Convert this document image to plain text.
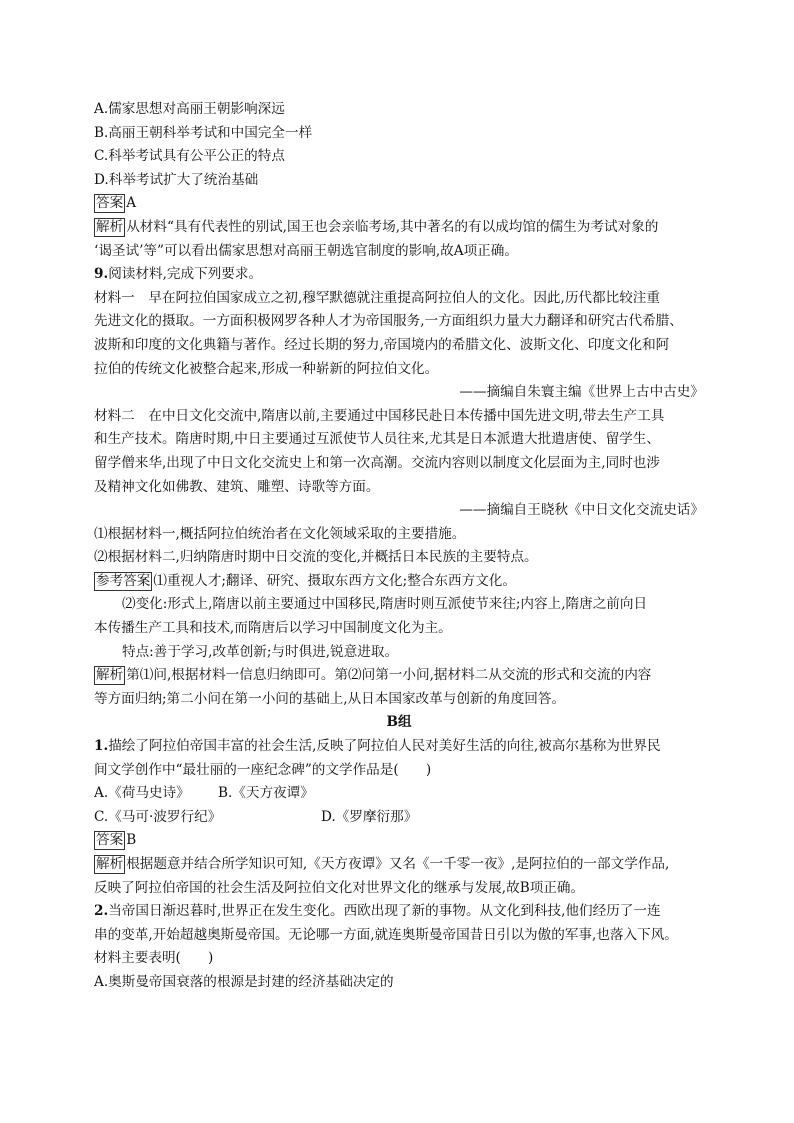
A.儒家思想对高丽王朝影响深远
B.高丽王朝科举考试和中国完全一样
C.科举考试具有公平公正的特点
D.科举考试扩大了统治基础
答案 A
解析 从材料“具有代表性的别试,国王也会亲临考场,其中著名的有以成均馆的儒生为考试对象的
‘谒圣试’等”可以看出儒家思想对高丽王朝选官制度的影响,故A项正确。
9.阅读材料,完成下列要求。
材料一　早在阿拉伯国家成立之初,穆罕默德就注重提高阿拉伯人的文化。因此,历代都比较注重
先进文化的摄取。一方面积极网罗各种人才为帝国服务,一方面组织力量大力翻译和研究古代希腊、
波斯和印度的文化典籍与著作。经过长期的努力,帝国境内的希腊文化、波斯文化、印度文化和阿
拉伯的传统文化被整合起来,形成一种崭新的阿拉伯文化。
——摘编自朱寰主编《世界上古中古史》
材料二　在中日文化交流中,隋唐以前,主要通过中国移民赴日本传播中国先进文明,带去生产工具
和生产技术。隋唐时期,中日主要通过互派使节人员往来,尤其是日本派遣大批遣唐使、留学生、
留学僧来华,出现了中日文化交流史上和第一次高潮。交流内容则以制度文化层面为主,同时也涉
及精神文化如佛教、建筑、雕塑、诗歌等方面。
——摘编自王晓秋《中日文化交流史话》
⑴根据材料一,概括阿拉伯统治者在文化领域采取的主要措施。
⑵根据材料二,归纳隋唐时期中日交流的变化,并概括日本民族的主要特点。
参考答案 ⑴重视人才;翻译、研究、摄取东西方文化;整合东西方文化。
⑵变化:形式上,隋唐以前主要通过中国移民,隋唐时则互派使节来往;内容上,隋唐之前向日
本传播生产工具和技术,而隋唐后以学习中国制度文化为主。
特点:善于学习,改革创新;与时俱进,锐意进取。
解析 第⑴问,根据材料一信息归纳即可。第⑵问第一小问,据材料二从交流的形式和交流的内容
等方面归纳;第二小问在第一小问的基础上,从日本国家改革与创新的角度回答。
B组
1.描绘了阿拉伯帝国丰富的社会生活,反映了阿拉伯人民对美好生活的向往,被高尔基称为世界民
间文学创作中“最壮丽的一座纪念碑”的文学作品是(　　)
A.《荷马史诗》 B.《天方夜谭》
C.《马可·波罗行纪》	D.《罗摩衍那》
答案 B
解析 根据题意并结合所学知识可知,《天方夜谭》又名《一千零一夜》,是阿拉伯的一部文学作品,
反映了阿拉伯帝国的社会生活及阿拉伯文化对世界文化的继承与发展,故B项正确。
2.当帝国日渐迟暮时,世界正在发生变化。西欧出现了新的事物。从文化到科技,他们经历了一连
串的变革,开始超越奥斯曼帝国。无论哪一方面,就连奥斯曼帝国昔日引以为傲的军事,也落入下风。
材料主要表明(　　)
A.奥斯曼帝国衰落的根源是封建的经济基础决定的
